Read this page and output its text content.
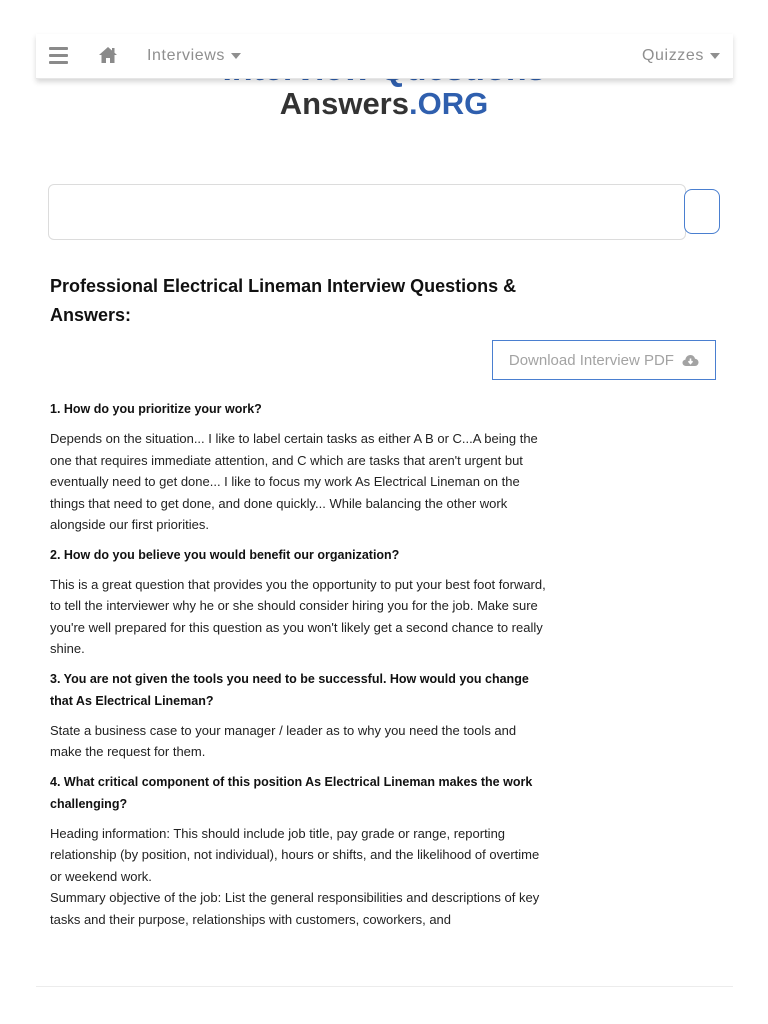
Answers.ORG
Interviews	Quizzes
Professional Electrical Lineman Interview Questions & Answers:
Download Interview PDF

1. How do you prioritize your work?

Depends on the situation... I like to label certain tasks as either A B or C...A being the one that requires immediate attention, and C which are tasks that aren't urgent but eventually need to get done... I like to focus my work As Electrical Lineman on the things that need to get done, and done quickly... While balancing the other work alongside our first priorities.

2. How do you believe you would benefit our organization?

This is a great question that provides you the opportunity to put your best foot forward, to tell the interviewer why he or she should consider hiring you for the job. Make sure you're well prepared for this question as you won't likely get a second chance to really shine.

3. You are not given the tools you need to be successful. How would you change that As Electrical Lineman?

State a business case to your manager / leader as to why you need the tools and make the request for them.

4. What critical component of this position As Electrical Lineman makes the work challenging?

Heading information: This should include job title, pay grade or range, reporting relationship (by position, not individual), hours or shifts, and the likelihood of overtime or weekend work.
Summary objective of the job: List the general responsibilities and descriptions of key tasks and their purpose, relationships with customers, coworkers, and
